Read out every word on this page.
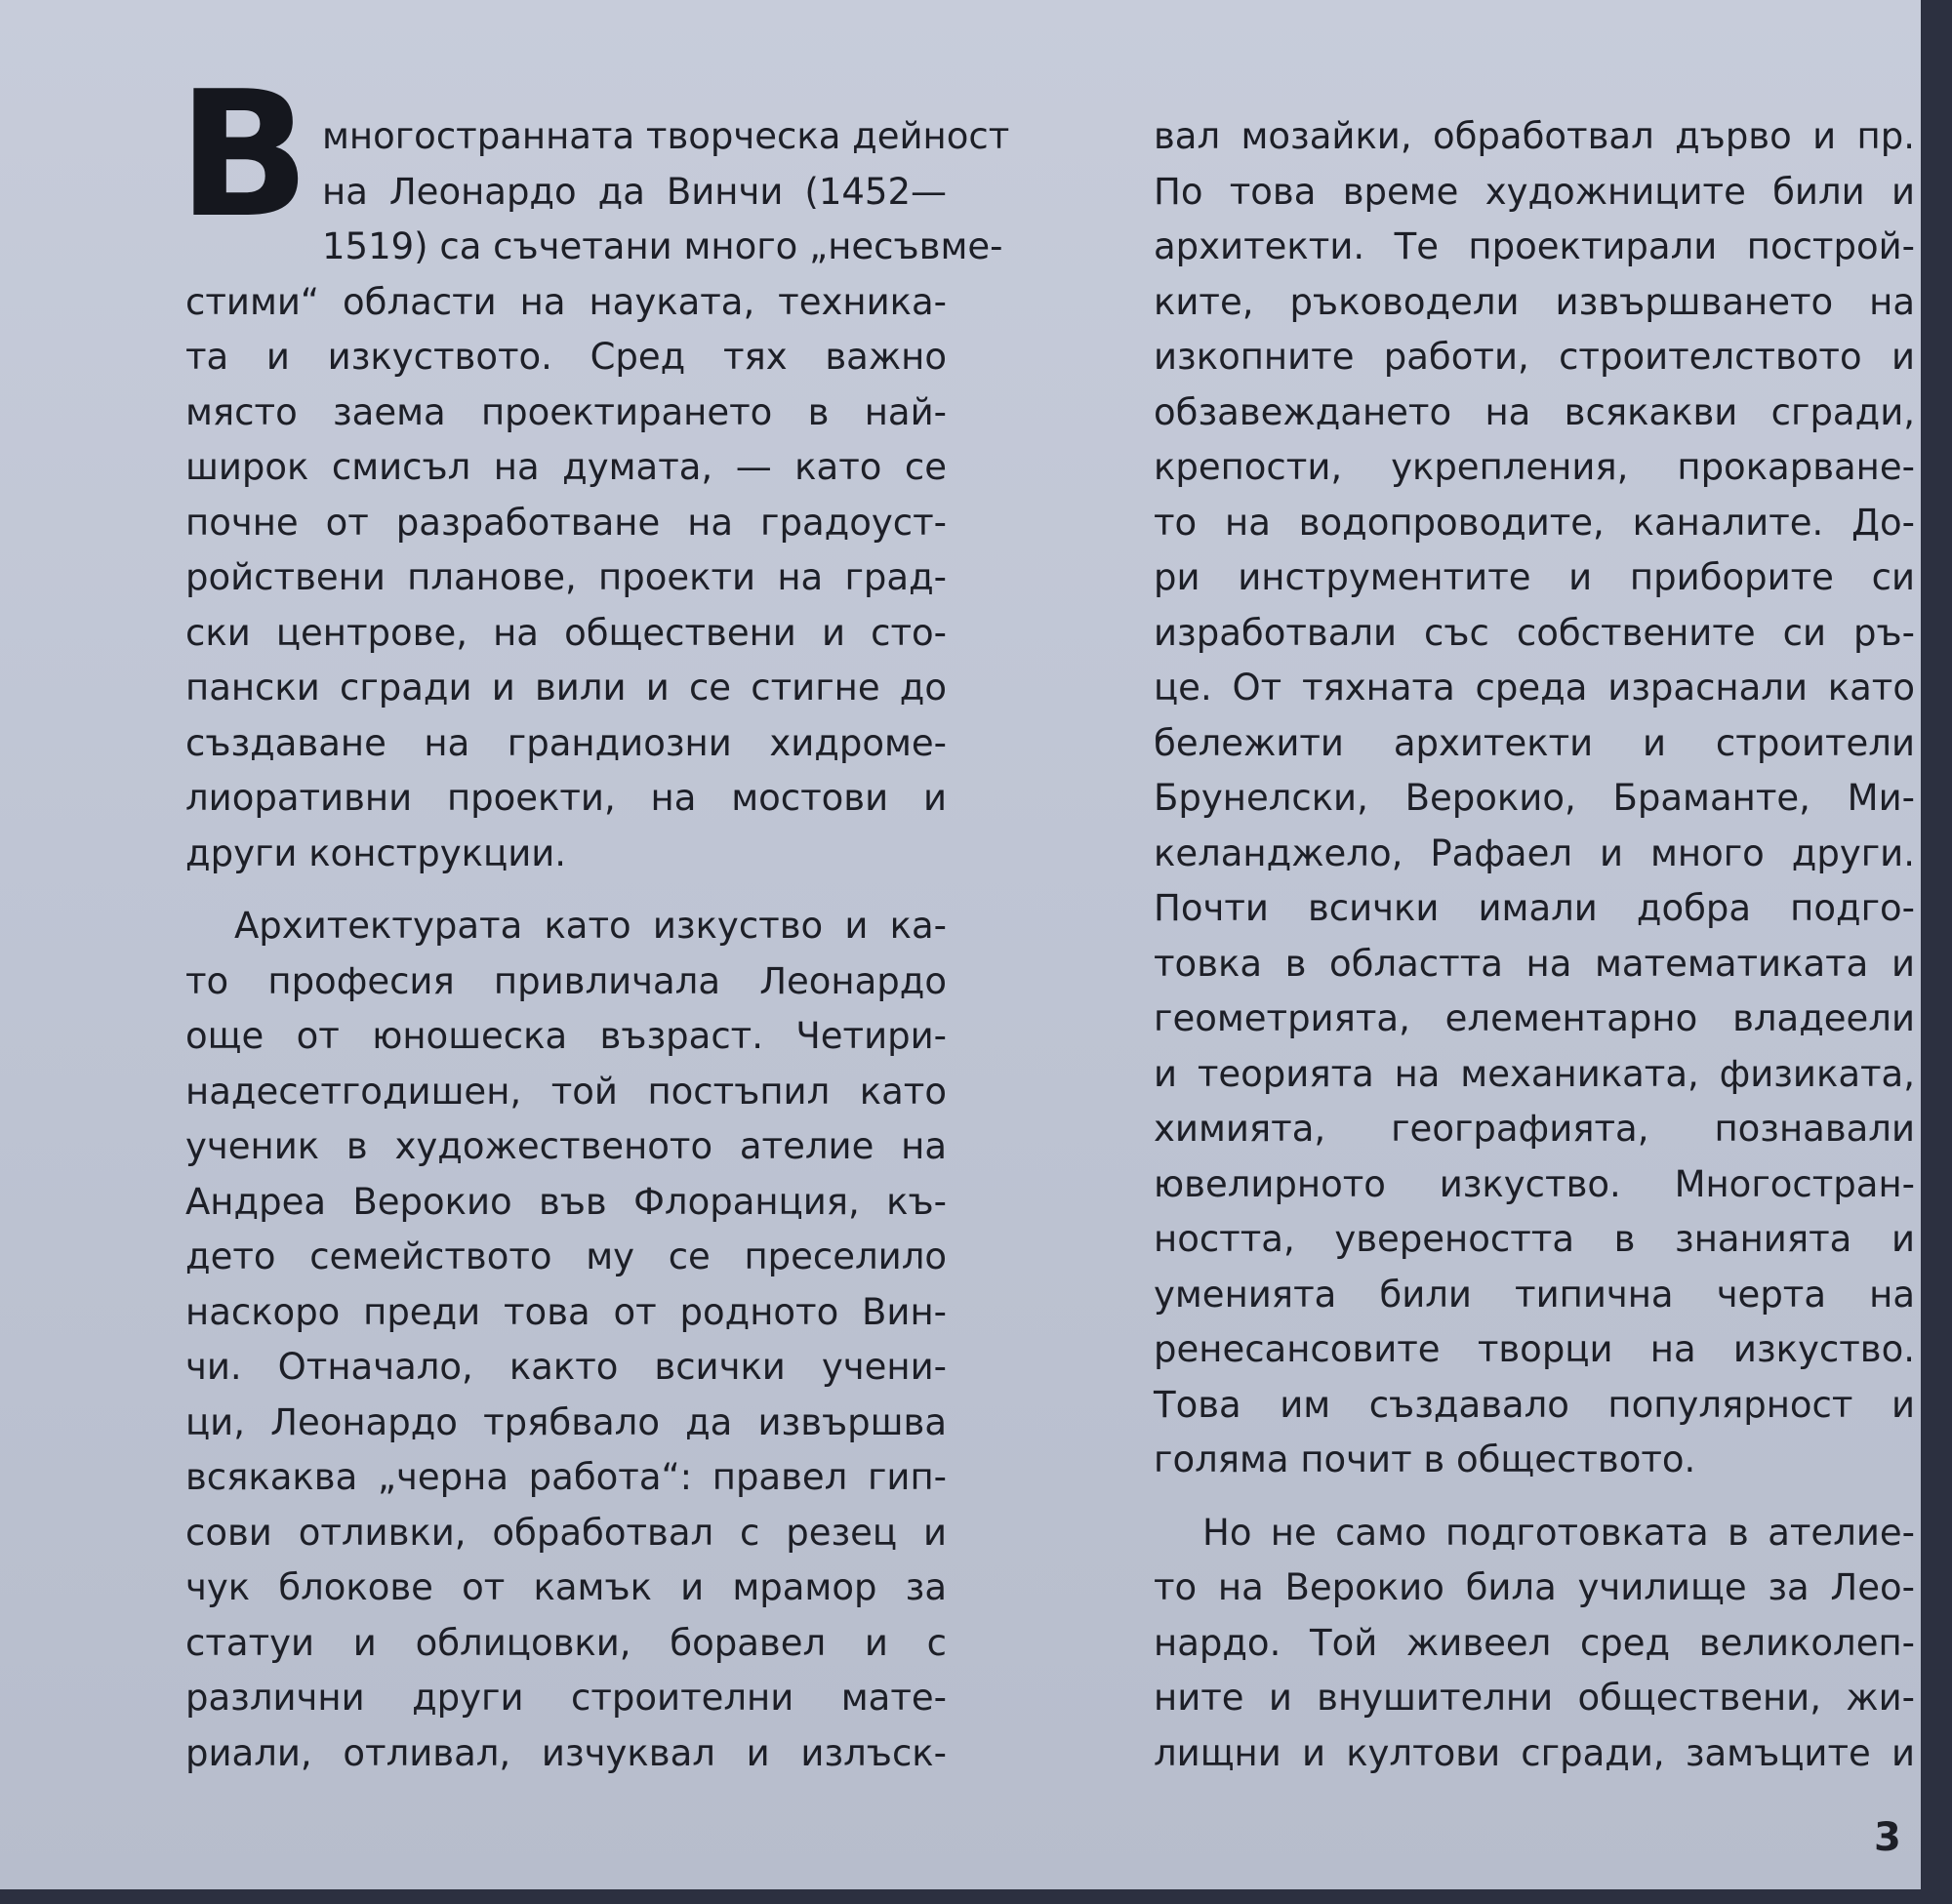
В многостранната творческа дейност
на Леонардо да Винчи (1452—
1519) са съчетани много „несъвме-
стими“ области на науката, техника-
та и изкуството. Сред тях важно
място заема проектирането в най-
широк смисъл на думата, — като се
почне от разработване на градоуст-
ройствени планове, проекти на град-
ски центрове, на обществени и сто-
пански сгради и вили и се стигне до
създаване на грандиозни хидроме-
лиоративни проекти, на мостови и
други конструкции.
Архитектурата като изкуство и ка-
то професия привличала Леонардо
още от юношеска възраст. Четири-
надесетгодишен, той постъпил като
ученик в художественото ателие на
Андреа Верокио във Флоранция, къ-
дето семейството му се преселило
наскоро преди това от родното Вин-
чи. Отначало, както всички учени-
ци, Леонардо трябвало да извършва
всякаква „черна работа“: правел гип-
сови отливки, обработвал с резец и
чук блокове от камък и мрамор за
статуи и облицовки, боравел и с
различни други строителни мате-
риали, отливал, изчуквал и излъск-
вал мозайки, обработвал дърво и пр.
По това време художниците били и
архитекти. Те проектирали построй-
ките, ръководели извършването на
изкопните работи, строителството и
обзавеждането на всякакви сгради,
крепости, укрепления, прокарване-
то на водопроводите, каналите. До-
ри инструментите и приборите си
изработвали със собствените си ръ-
це. От тяхната среда израснали като
бележити архитекти и строители
Брунелски, Верокио, Браманте, Ми-
келанджело, Рафаел и много други.
Почти всички имали добра подго-
товка в областта на математиката и
геометрията, елементарно владеели
и теорията на механиката, физиката,
химията, географията, познавали
ювелирното изкуство. Многостран-
ността, увереността в знанията и
уменията били типична черта на
ренесансовите творци на изкуство.
Това им създавало популярност и
голяма почит в обществото.
Но не само подготовката в ателие-
то на Верокио била училище за Лео-
нардо. Той живеел сред великолеп-
ните и внушителни обществени, жи-
лищни и култови сгради, замъците и
3
